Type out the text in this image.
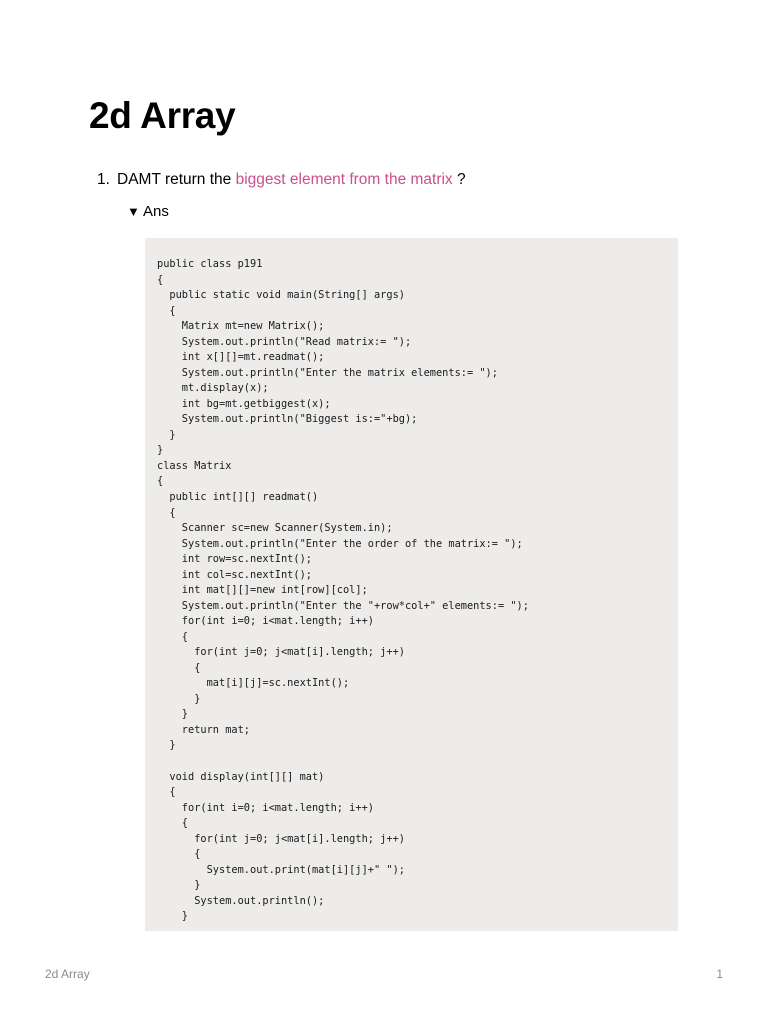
2d Array
1. DAMT return the biggest element from the matrix ?
▼ Ans
public class p191
{
public static void main(String[] args)
{
Matrix mt=new Matrix();
System.out.println("Read matrix:= ");
int x[][]=mt.readmat();
System.out.println("Enter the matrix elements:= ");
mt.display(x);
int bg=mt.getbiggest(x);
System.out.println("Biggest is:="+bg);
}
}
class Matrix
{
public int[][] readmat()
{
Scanner sc=new Scanner(System.in);
System.out.println("Enter the order of the matrix:= ");
int row=sc.nextInt();
int col=sc.nextInt();
int mat[][]=new int[row][col];
System.out.println("Enter the "+row*col+" elements:= ");
for(int i=0; i<mat.length; i++)
{
for(int j=0; j<mat[i].length; j++)
{
mat[i][j]=sc.nextInt();
}
}
return mat;
}

void display(int[][] mat)
{
for(int i=0; i<mat.length; i++)
{
for(int j=0; j<mat[i].length; j++)
{
System.out.print(mat[i][j]+" ");
}
System.out.println();
}
2d Array	1
